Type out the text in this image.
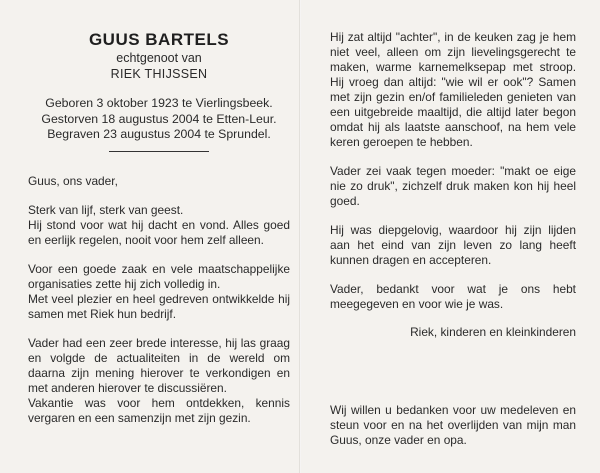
GUUS BARTELS

echtgenoot van

RIEK THIJSSEN

Geboren 3 oktober 1923 te Vierlingsbeek.

Gestorven 18 augustus 2004 te Etten-Leur.

Begraven 23 augustus 2004 te Sprundel.

Guus, ons vader,

Sterk van lijf, sterk van geest.
Hij stond voor wat hij dacht en vond. Alles goed en eerlijk regelen, nooit voor hem zelf alleen.

Voor een goede zaak en vele maatschappelijke organisaties zette hij zich volledig in.
Met veel plezier en heel gedreven ontwikkelde hij samen met Riek hun bedrijf.

Vader had een zeer brede interesse, hij las graag en volgde de actualiteiten in de wereld om daarna zijn mening hierover te verkondigen en met anderen hierover te discussiëren.
Vakantie was voor hem ontdekken, kennis vergaren en een samenzijn met zijn gezin.

Hij zat altijd "achter", in de keuken zag je hem niet veel, alleen om zijn lievelingsgerecht te maken, warme karnemelksepap met stroop. Hij vroeg dan altijd: "wie wil er ook"? Samen met zijn gezin en/of familieleden genieten van een uitgebreide maaltijd, die altijd later begon omdat hij als laatste aanschoof, na hem vele keren geroepen te hebben.

Vader zei vaak tegen moeder: "makt oe eige nie zo druk", zichzelf druk maken kon hij heel goed.

Hij was diepgelovig, waardoor hij zijn lijden aan het eind van zijn leven zo lang heeft kunnen dragen en accepteren.

Vader, bedankt voor wat je ons hebt meegegeven en voor wie je was.

Riek, kinderen en kleinkinderen
Wij willen u bedanken voor uw medeleven en steun voor en na het overlijden van mijn man Guus, onze vader en opa.
